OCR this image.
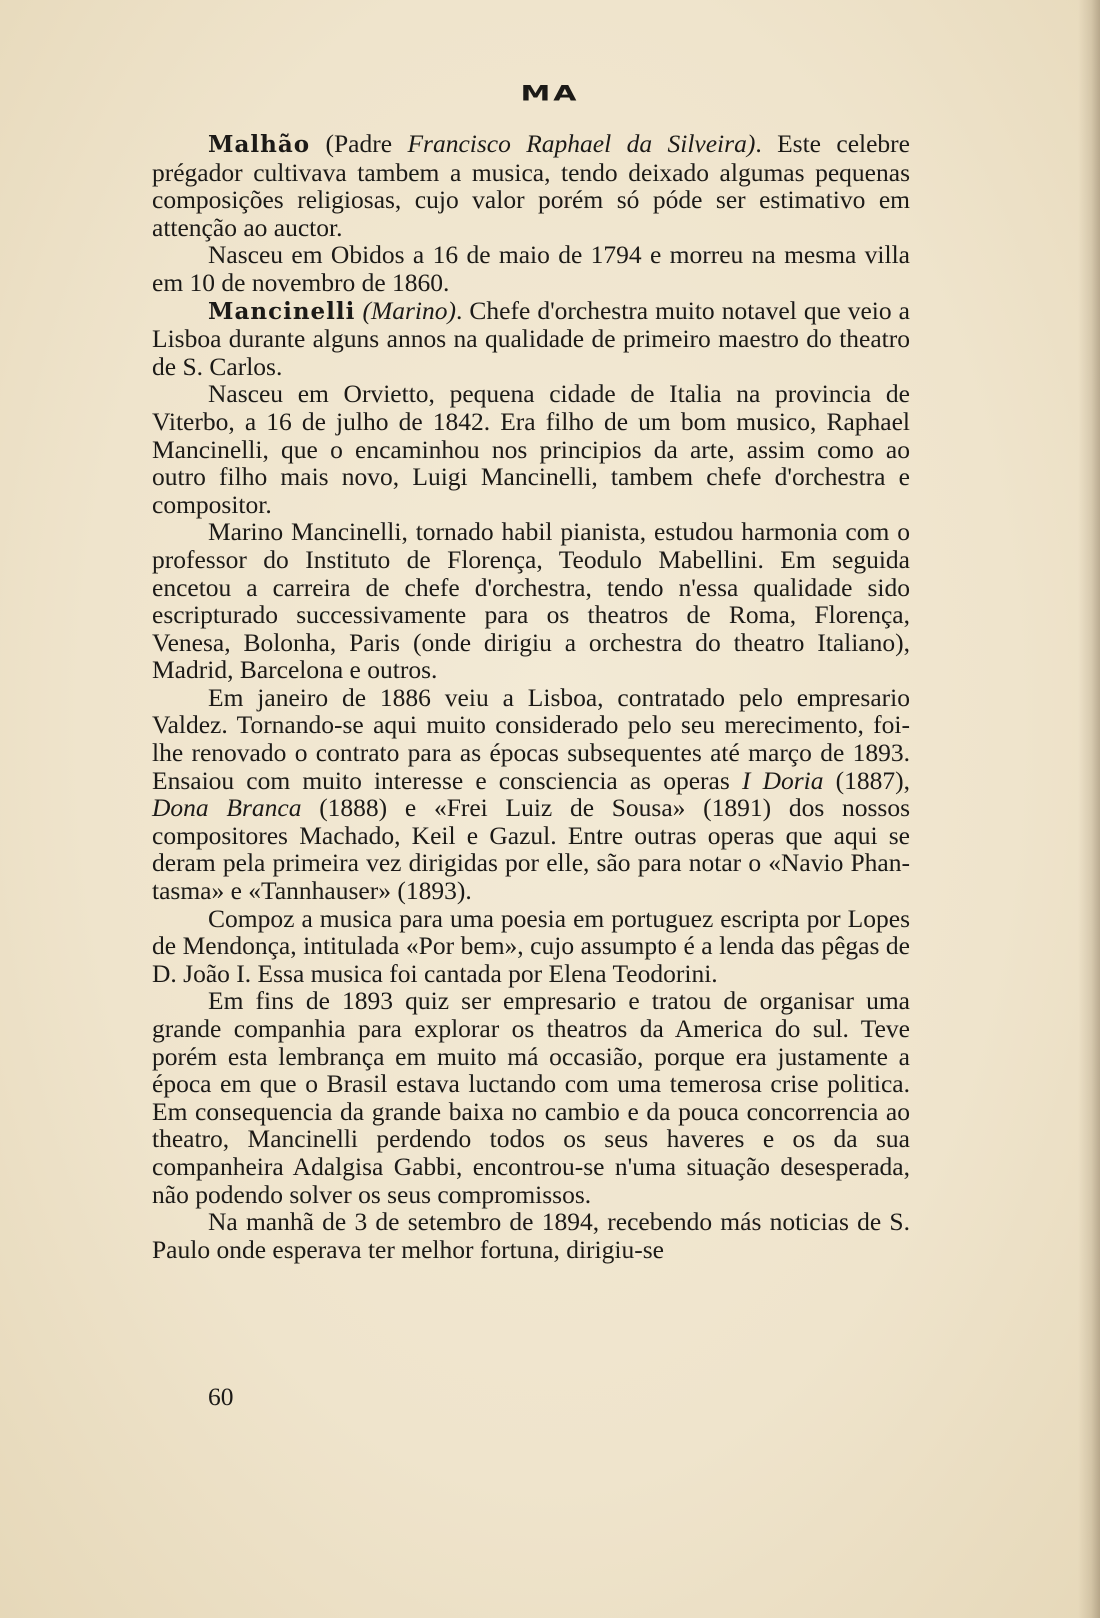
MA

Malhão (Padre Francisco Raphael da Silveira). Este celebre prégador cultivava tambem a musica, tendo deixado algumas pequenas composições religiosas, cujo valor porém só póde ser estimativo em attenção ao auctor.

Nasceu em Obidos a 16 de maio de 1794 e morreu na mesma villa em 10 de novembro de 1860.

Mancinelli (Marino). Chefe d'orchestra muito notavel que veio a Lisboa durante alguns annos na qualidade de primeiro maestro do theatro de S. Carlos.

Nasceu em Orvietto, pequena cidade de Italia na provincia de Viterbo, a 16 de julho de 1842. Era filho de um bom musico, Raphael Mancinelli, que o encaminhou nos principios da arte, assim como ao outro filho mais novo, Luigi Mancinelli, tambem chefe d'orchestra e compositor.

Marino Mancinelli, tornado habil pianista, estudou harmonia com o professor do Instituto de Florença, Teodulo Mabellini. Em seguida encetou a carreira de chefe d'orchestra, tendo n'essa qualidade sido escripturado successivamente para os theatros de Roma, Florença, Venesa, Bolonha, Paris (onde dirigiu a orchestra do theatro Italiano), Madrid, Barcelona e outros.

Em janeiro de 1886 veiu a Lisboa, contratado pelo empresario Valdez. Tornando-se aqui muito considerado pelo seu merecimento, foi-lhe renovado o contrato para as épocas subsequentes até março de 1893. Ensaiou com muito interesse e consciencia as operas I Doria (1887), Dona Branca (1888) e «Frei Luiz de Sousa» (1891) dos nossos compositores Machado, Keil e Gazul. Entre outras operas que aqui se deram pela primeira vez dirigidas por elle, são para notar o «Navio Phantasma» e «Tannhauser» (1893).

Compoz a musica para uma poesia em portuguez escripta por Lopes de Mendonça, intitulada «Por bem», cujo assumpto é a lenda das pêgas de D. João I. Essa musica foi cantada por Elena Teodorini.

Em fins de 1893 quiz ser empresario e tratou de organisar uma grande companhia para explorar os theatros da America do sul. Teve porém esta lembrança em muito má occasião, porque era justamente a época em que o Brasil estava luctando com uma temerosa crise politica. Em consequencia da grande baixa no cambio e da pouca concorrencia ao theatro, Mancinelli perdendo todos os seus haveres e os da sua companheira Adalgisa Gabbi, encontrou-se n'uma situação desesperada, não podendo solver os seus compromissos.

Na manhã de 3 de setembro de 1894, recebendo más noticias de S. Paulo onde esperava ter melhor fortuna, dirigiu-se

60
